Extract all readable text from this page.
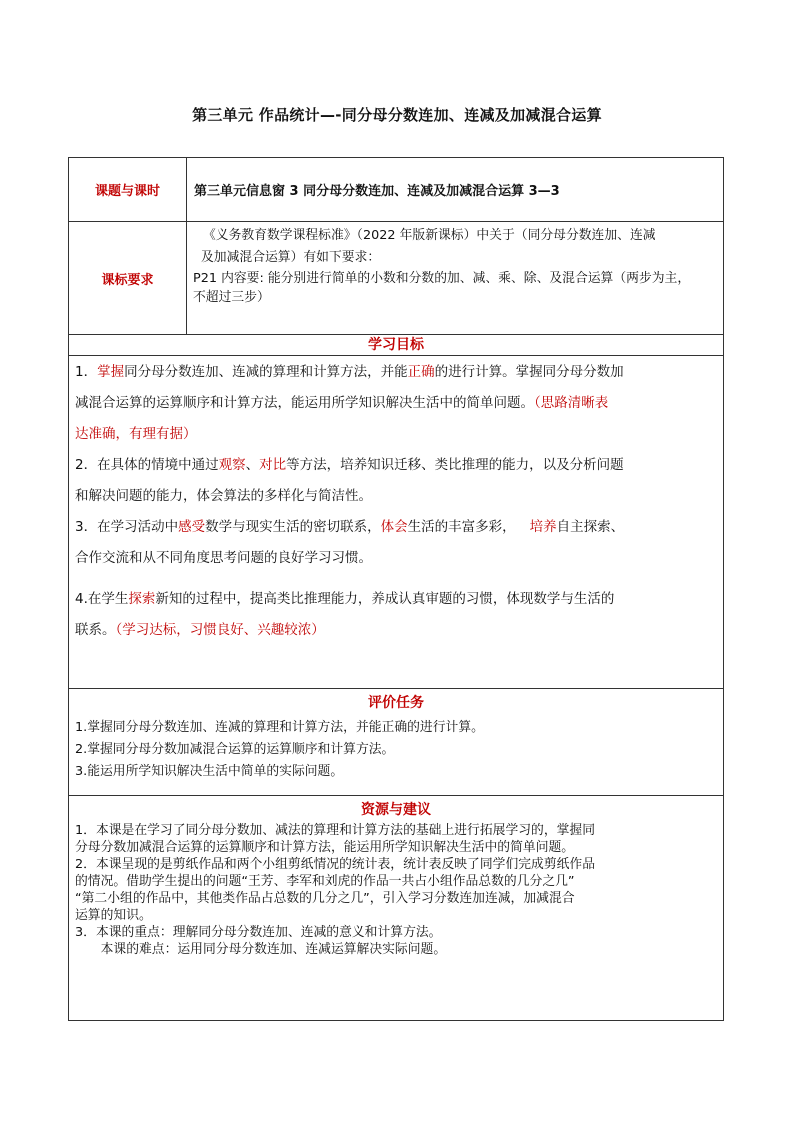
第三单元 作品统计—-同分母分数连加、连减及加减混合运算
课题与课时	第三单元信息窗 3 同分母分数连加、连减及加减混合运算 3—3

课标要求

《义务教育数学课程标准》（2022 年版新课标）中关于（同分母分数连加、连减

及加减混合运算）有如下要求：

P21 内容要: 能分别进行简单的小数和分数的加、减、乘、除、及混合运算（两步为主，

不超过三步）

学习目标

1．掌握同分母分数连加、连减的算理和计算方法，并能正确的进行计算。掌握同分母分数加

减混合运算的运算顺序和计算方法，能运用所学知识解决生活中的简单问题。（思路清晰表

达准确，有理有据）

2．在具体的情境中通过观察、对比等方法，培养知识迁移、类比推理的能力，以及分析问题

和解决问题的能力，体会算法的多样化与简洁性。

3．在学习活动中感受数学与现实生活的密切联系，体会生活的丰富多彩， 培养自主探索、

合作交流和从不同角度思考问题的良好学习习惯。

4.在学生探索新知的过程中，提高类比推理能力，养成认真审题的习惯，体现数学与生活的

联系。（学习达标，习惯良好、兴趣较浓）

评价任务

1.掌握同分母分数连加、连减的算理和计算方法，并能正确的进行计算。

2.掌握同分母分数加减混合运算的运算顺序和计算方法。

3.能运用所学知识解决生活中简单的实际问题。

资源与建议

1．本课是在学习了同分母分数加、减法的算理和计算方法的基础上进行拓展学习的，掌握同

分母分数加减混合运算的运算顺序和计算方法，能运用所学知识解决生活中的简单问题。

2．本课呈现的是剪纸作品和两个小组剪纸情况的统计表，统计表反映了同学们完成剪纸作品

的情况。借助学生提出的问题“王芳、李军和刘虎的作品一共占小组作品总数的几分之几”

“第二小组的作品中，其他类作品占总数的几分之几”，引入学习分数连加连减，加减混合

运算的知识。

3．本课的重点：理解同分母分数连加、连减的意义和计算方法。

　　本课的难点：运用同分母分数连加、连减运算解决实际问题。
